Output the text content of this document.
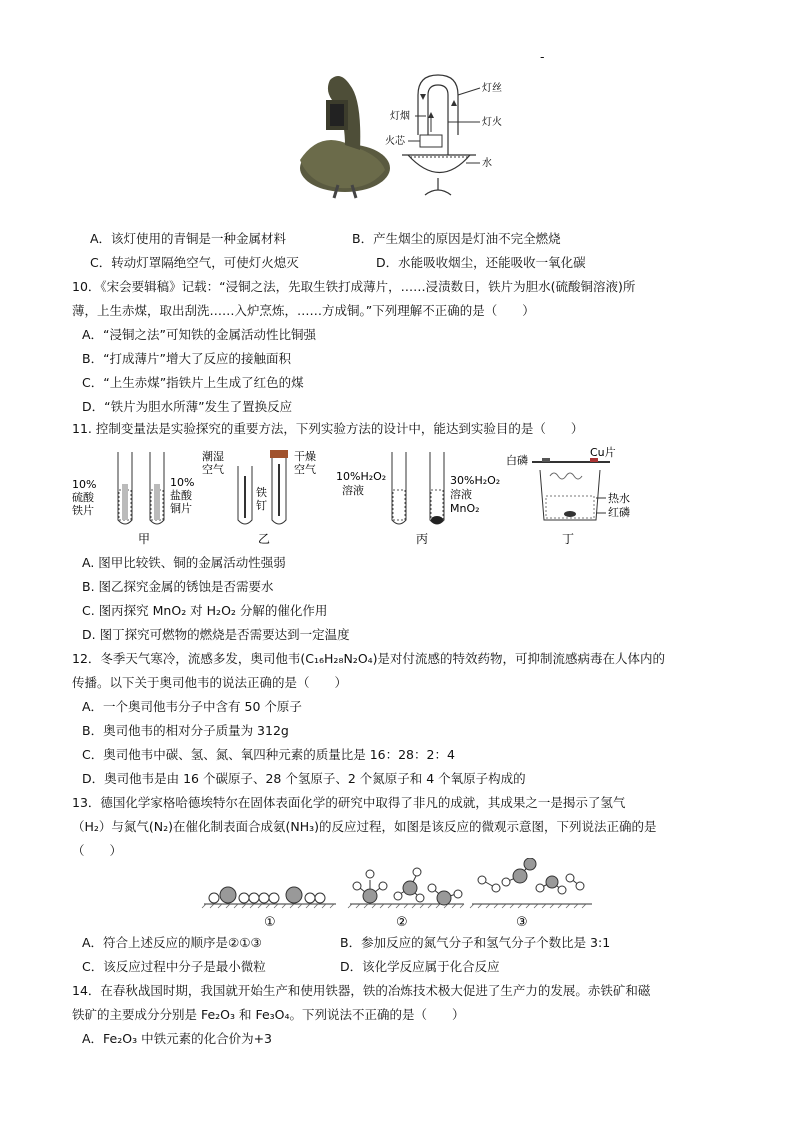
-
灯丝
灯烟
灯火
火芯
水
A．该灯使用的青铜是一种金属材料	B．产生烟尘的原因是灯油不完全燃烧
C．转动灯罩隔绝空气，可使灯火熄灭	D．水能吸收烟尘，还能吸收一氧化碳
10．《宋会要辑稿》记载：“浸铜之法，先取生铁打成薄片，……浸渍数日，铁片为胆水(硫酸铜溶液)所
薄，上生赤煤，取出刮洗……入炉烹炼，……方成铜。”下列理解不正确的是（　　）
A．“浸铜之法”可知铁的金属活动性比铜强
B．“打成薄片”增大了反应的接触面积
C．“上生赤煤”指铁片上生成了红色的煤
D．“铁片为胆水所薄”发生了置换反应
11. 控制变量法是实验探究的重要方法，下列实验方法的设计中，能达到实验目的是（　　）
10%
硫酸
铁片
10%
盐酸
铜片
甲
潮湿
空气
干燥
空气
铁
钉
乙
10%H₂O₂
溶液
30%H₂O₂
溶液
MnO₂
丙
白磷
Cu片
热水
红磷
丁
A. 图甲比较铁、铜的金属活动性强弱
B. 图乙探究金属的锈蚀是否需要水
C. 图丙探究 MnO₂ 对 H₂O₂ 分解的催化作用
D. 图丁探究可燃物的燃烧是否需要达到一定温度
12．冬季天气寒冷，流感多发，奥司他韦(C₁₆H₂₈N₂O₄)是对付流感的特效药物，可抑制流感病毒在人体内的
传播。以下关于奥司他韦的说法正确的是（　　）
A．一个奥司他韦分子中含有 50 个原子
B．奥司他韦的相对分子质量为 312g
C．奥司他韦中碳、氢、氮、氧四种元素的质量比是 16：28：2：4
D．奥司他韦是由 16 个碳原子、28 个氢原子、2 个氮原子和 4 个氧原子构成的
13．德国化学家格哈德埃特尔在固体表面化学的研究中取得了非凡的成就，其成果之一是揭示了氢气
（H₂）与氮气(N₂)在催化制表面合成氨(NH₃)的反应过程，如图是该反应的微观示意图，下列说法正确的是
（　　）
①	②	③
A．符合上述反应的顺序是②①③	B．参加反应的氮气分子和氢气分子个数比是 3:1
C．该反应过程中分子是最小微粒	D．该化学反应属于化合反应
14．在春秋战国时期，我国就开始生产和使用铁器，铁的冶炼技术极大促进了生产力的发展。赤铁矿和磁
铁矿的主要成分分别是 Fe₂O₃ 和 Fe₃O₄。下列说法不正确的是（　　）
A．Fe₂O₃ 中铁元素的化合价为+3
